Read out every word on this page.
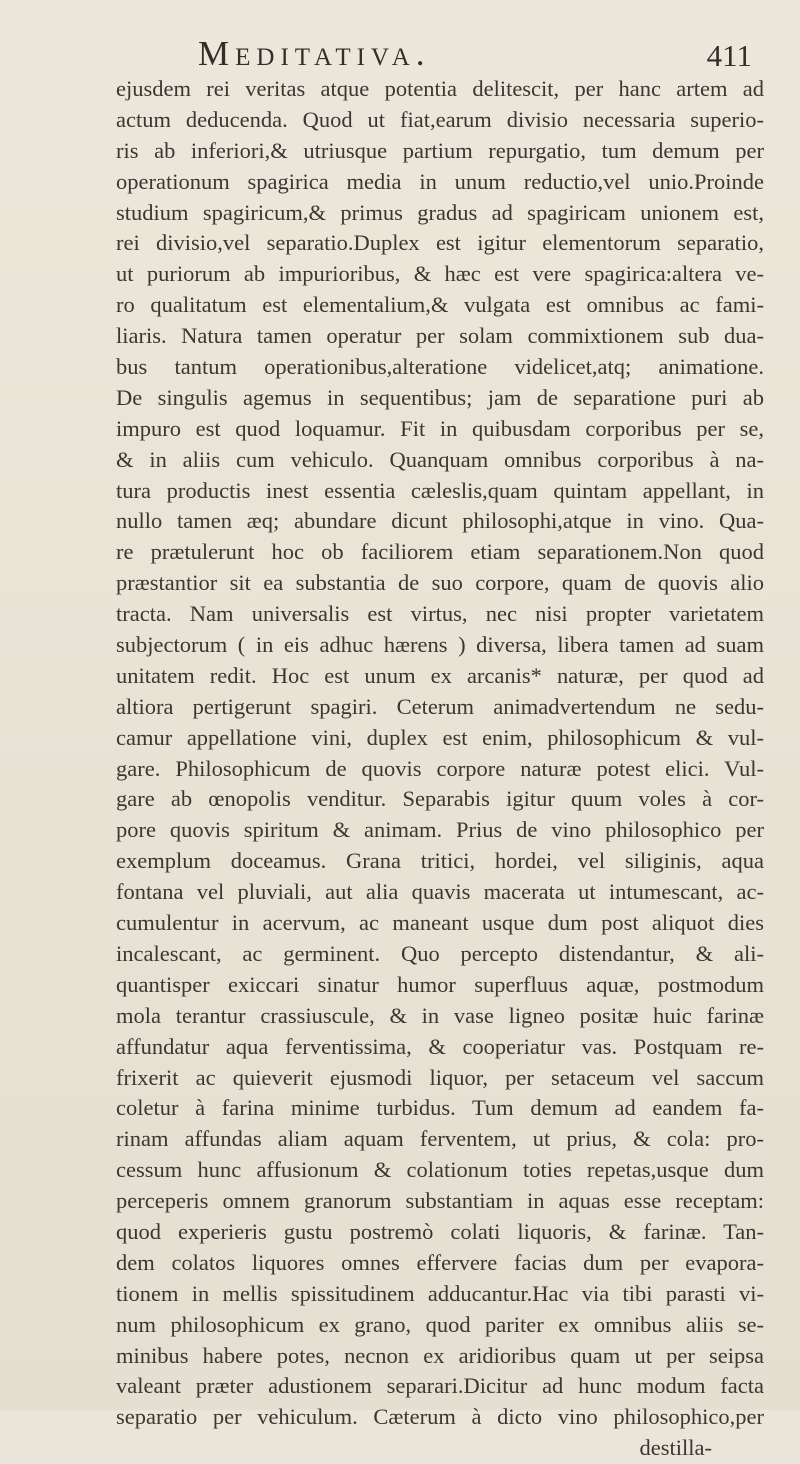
Meditativa.	411
ejusdem rei veritas atque potentia delitescit, per hanc artem ad
actum deducenda. Quod ut fiat,earum divisio necessaria superio-
ris ab inferiori,& utriusque partium repurgatio, tum demum per
operationum spagirica media in unum reductio,vel unio.Proinde
studium spagiricum,& primus gradus ad spagiricam unionem est,
rei divisio,vel separatio.Duplex est igitur elementorum separatio,
ut puriorum ab impurioribus, & hæc est vere spagirica:altera ve-
ro qualitatum est elementalium,& vulgata est omnibus ac fami-
liaris. Natura tamen operatur per solam commixtionem sub dua-
bus tantum operationibus,alteratione videlicet,atq; animatione.
De singulis agemus in sequentibus; jam de separatione puri ab
impuro est quod loquamur. Fit in quibusdam corporibus per se,
& in aliis cum vehiculo. Quanquam omnibus corporibus à na-
tura productis inest essentia cæleslis,quam quintam appellant, in
nullo tamen æq; abundare dicunt philosophi,atque in vino. Qua-
re prætulerunt hoc ob faciliorem etiam separationem.Non quod
præstantior sit ea substantia de suo corpore, quam de quovis alio
tracta. Nam universalis est virtus, nec nisi propter varietatem
subjectorum ( in eis adhuc hærens ) diversa, libera tamen ad suam
unitatem redit. Hoc est unum ex arcanis* naturæ, per quod ad
altiora pertigerunt spagiri. Ceterum animadvertendum ne sedu-
camur appellatione vini, duplex est enim, philosophicum & vul-
gare. Philosophicum de quovis corpore naturæ potest elici. Vul-
gare ab œnopolis venditur. Separabis igitur quum voles à cor-
pore quovis spiritum & animam. Prius de vino philosophico per
exemplum doceamus. Grana tritici, hordei, vel siliginis, aqua
fontana vel pluviali, aut alia quavis macerata ut intumescant, ac-
cumulentur in acervum, ac maneant usque dum post aliquot dies
incalescant, ac germinent. Quo percepto distendantur, & ali-
quantisper exiccari sinatur humor superfluus aquæ, postmodum
mola terantur crassiuscule, & in vase ligneo positæ huic farinæ
affundatur aqua ferventissima, & cooperiatur vas. Postquam re-
frixerit ac quieverit ejusmodi liquor, per setaceum vel saccum
coletur à farina minime turbidus. Tum demum ad eandem fa-
rinam affundas aliam aquam ferventem, ut prius, & cola: pro-
cessum hunc affusionum & colationum toties repetas,usque dum
perceperis omnem granorum substantiam in aquas esse receptam:
quod experieris gustu postremò colati liquoris, & farinæ. Tan-
dem colatos liquores omnes effervere facias dum per evapora-
tionem in mellis spissitudinem adducantur.Hac via tibi parasti vi-
num philosophicum ex grano, quod pariter ex omnibus aliis se-
minibus habere potes, necnon ex aridioribus quam ut per seipsa
valeant præter adustionem separari.Dicitur ad hunc modum facta
separatio per vehiculum. Cæterum à dicto vino philosophico,per
destilla-
